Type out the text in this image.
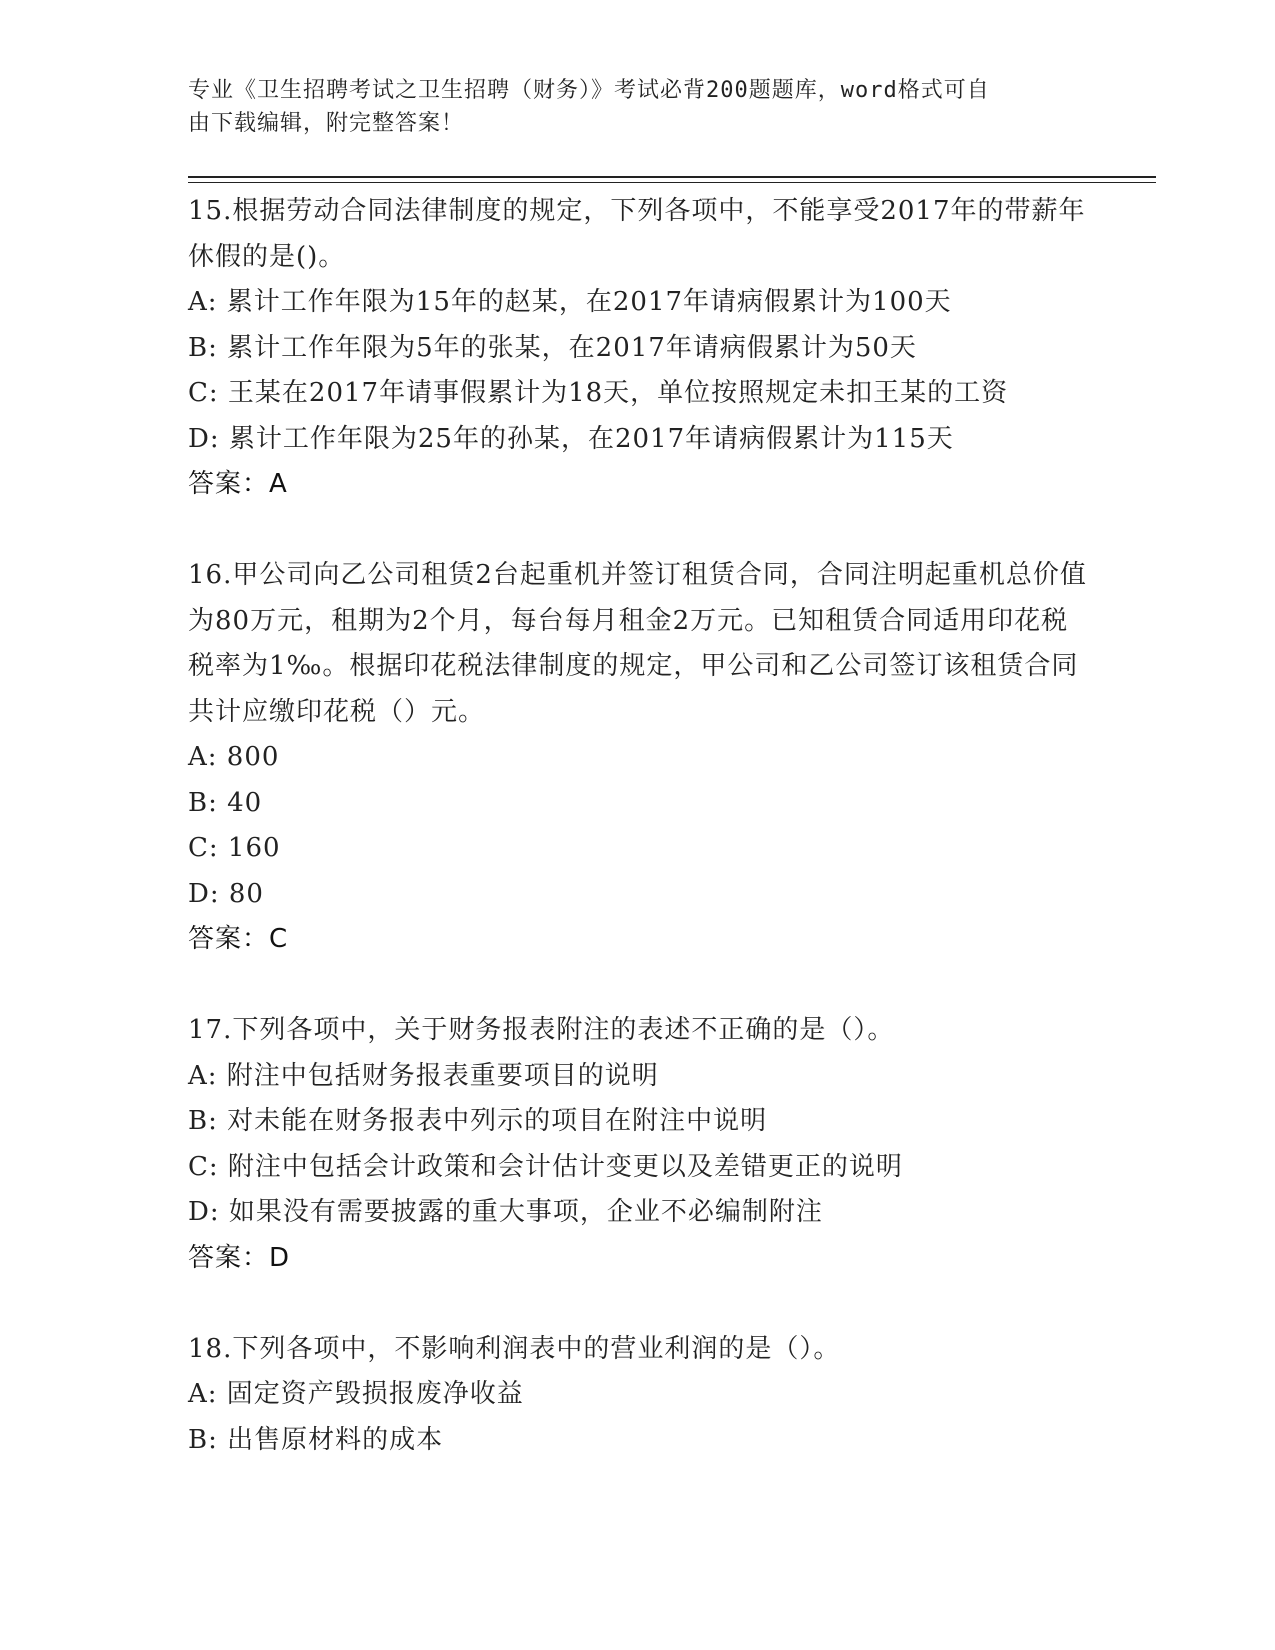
专业《卫生招聘考试之卫生招聘（财务）》考试必背200题题库，word格式可自
由下载编辑，附完整答案！

15.根据劳动合同法律制度的规定，下列各项中，不能享受2017年的带薪年休假的是()。

A: 累计工作年限为15年的赵某，在2017年请病假累计为100天

B: 累计工作年限为5年的张某，在2017年请病假累计为50天

C: 王某在2017年请事假累计为18天，单位按照规定未扣王某的工资

D: 累计工作年限为25年的孙某，在2017年请病假累计为115天

答案：A

16.甲公司向乙公司租赁2台起重机并签订租赁合同，合同注明起重机总价值为80万元，租期为2个月，每台每月租金2万元。已知租赁合同适用印花税税率为1‰。根据印花税法律制度的规定，甲公司和乙公司签订该租赁合同共计应缴印花税（）元。

A: 800

B: 40

C: 160

D: 80

答案：C

17.下列各项中，关于财务报表附注的表述不正确的是（）。

A: 附注中包括财务报表重要项目的说明

B: 对未能在财务报表中列示的项目在附注中说明

C: 附注中包括会计政策和会计估计变更以及差错更正的说明

D: 如果没有需要披露的重大事项，企业不必编制附注

答案：D

18.下列各项中，不影响利润表中的营业利润的是（）。

A: 固定资产毁损报废净收益

B: 出售原材料的成本
